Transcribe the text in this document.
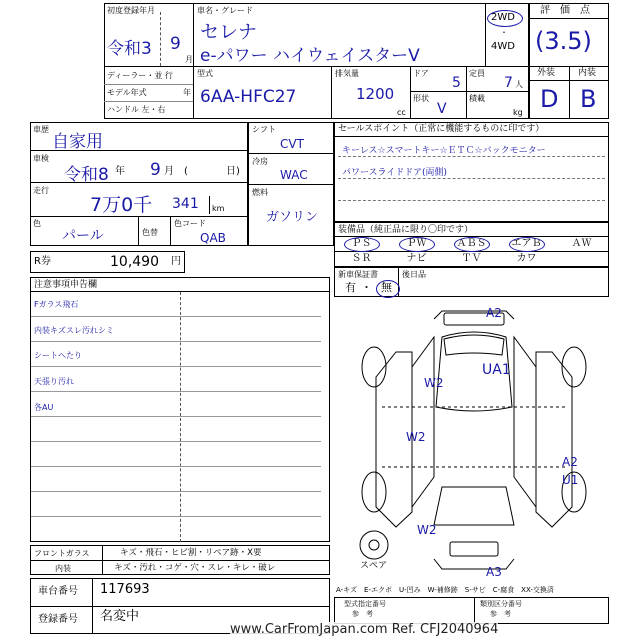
初度登録年月
令和3 9
月
車名・グレード
セレナ
e-パワー ハイウェイスターV
2WD
・
4WD
ディーラー・並 行
モデル年式	年
ハンドル 左・右
型式
6AA-HFC27
排気量
1200
cc
ドア
5
定員
7 人
形状
V
積載
kg
評　価　点
(3.5)
外装	内装
D B
車歴
自家用
車検
令和8 年 9 月 (	日)
走行
7万0千 341 km
色
パール	色替
色コード
QAB
シフト
CVT
冷房
WAC
燃料
ガソリン
セールスポイント（正常に機能するものに印です）
キーレス☆スマートキー☆ＥＴＣ☆バックモニター
パワースライドドア(両側)
装備品（純正品に限り〇印です）
ＰＳ	ＰＷ	ＡＢＳ	エアＢ	ＡＷ
ＳＲ	ナビ	ＴＶ	カワ
新車保証書
有 ・ 無
後日品
R券	10,490 円
注意事項申告欄
Fガラス飛石
内装キズスレ汚れシミ
シートへたり
天張り汚れ
各AU
A2
UA1
W2
W2
A2
U1
W2
A3
スペア
A-キズ　E-エクボ　U-凹み　W-補修跡　S-サビ　C-腐食　XX-交換済
フロントガラス	キズ・飛石・ヒビ割・リペア跡・X要
内装	キズ・汚れ・コゲ・穴・スレ・キレ・破レ
車台番号 117693
登録番号 名変中
型式指定番号
参　考
類別区分番号
参　考
www.CarFromJapan.com Ref. CFJ2040964
